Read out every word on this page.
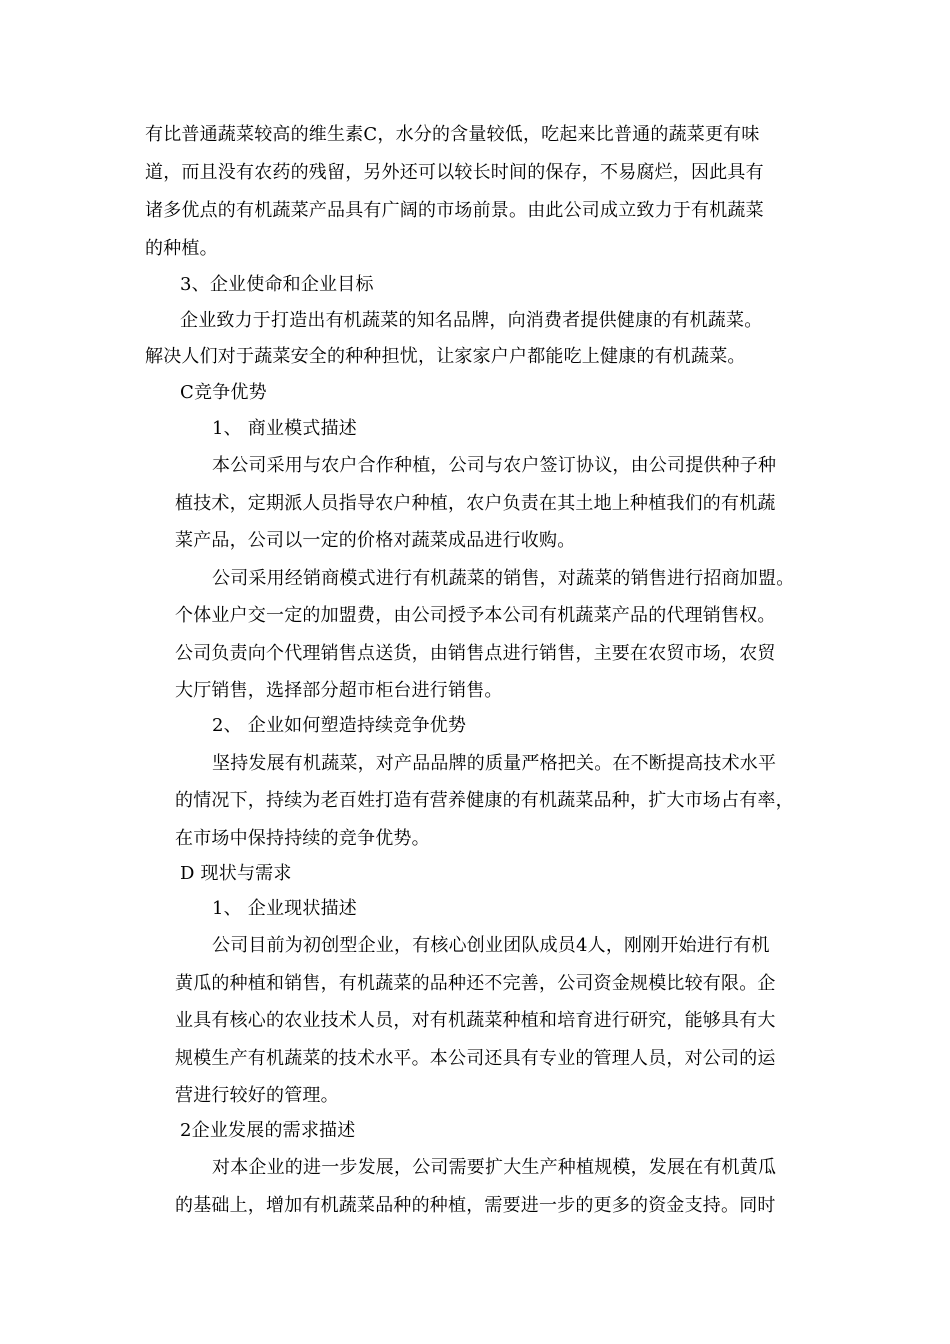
有比普通蔬菜较高的维生素C，水分的含量较低，吃起来比普通的蔬菜更有味
道，而且没有农药的残留，另外还可以较长时间的保存，不易腐烂，因此具有
诸多优点的有机蔬菜产品具有广阔的市场前景。由此公司成立致力于有机蔬菜
的种植。
3、企业使命和企业目标
企业致力于打造出有机蔬菜的知名品牌，向消费者提供健康的有机蔬菜。
解决人们对于蔬菜安全的种种担忧，让家家户户都能吃上健康的有机蔬菜。
C竞争优势
1、 商业模式描述
本公司采用与农户合作种植，公司与农户签订协议，由公司提供种子种
植技术，定期派人员指导农户种植，农户负责在其土地上种植我们的有机蔬
菜产品，公司以一定的价格对蔬菜成品进行收购。
公司采用经销商模式进行有机蔬菜的销售，对蔬菜的销售进行招商加盟。
个体业户交一定的加盟费，由公司授予本公司有机蔬菜产品的代理销售权。
公司负责向个代理销售点送货，由销售点进行销售，主要在农贸市场，农贸
大厅销售，选择部分超市柜台进行销售。
2、 企业如何塑造持续竞争优势
坚持发展有机蔬菜，对产品品牌的质量严格把关。在不断提高技术水平
的情况下，持续为老百姓打造有营养健康的有机蔬菜品种，扩大市场占有率，
在市场中保持持续的竞争优势。
D 现状与需求
1、 企业现状描述
公司目前为初创型企业，有核心创业团队成员4人，刚刚开始进行有机
黄瓜的种植和销售，有机蔬菜的品种还不完善，公司资金规模比较有限。企
业具有核心的农业技术人员，对有机蔬菜种植和培育进行研究，能够具有大
规模生产有机蔬菜的技术水平。本公司还具有专业的管理人员，对公司的运
营进行较好的管理。
2企业发展的需求描述
对本企业的进一步发展，公司需要扩大生产种植规模，发展在有机黄瓜
的基础上，增加有机蔬菜品种的种植，需要进一步的更多的资金支持。同时
